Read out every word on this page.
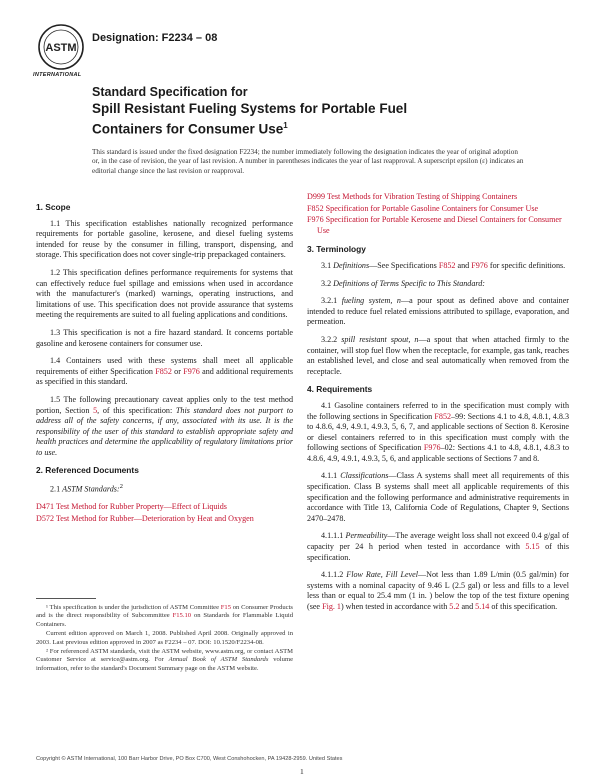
ASTM
INTERNATIONAL
Designation: F2234 – 08
Standard Specification for
Spill Resistant Fueling Systems for Portable Fuel
Containers for Consumer Use$^1$
This standard is issued under the fixed designation F2234; the number immediately following the designation indicates the year of original adoption or, in the case of revision, the year of last revision. A number in parentheses indicates the year of last reapproval. A superscript epsilon (ε) indicates an editorial change since the last revision or reapproval.
1. Scope

1.1 This specification establishes nationally recognized performance requirements for portable gasoline, kerosene, and diesel fueling systems intended for reuse by the consumer in filling, transport, dispensing, and storage. This specification does not cover single-trip prepackaged containers.

1.2 This specification defines performance requirements for systems that can effectively reduce fuel spillage and emissions when used in accordance with the manufacturer's (marked) warnings, operating instructions, and limitations of use. This specification does not provide assurance that systems meeting the requirements are suited to all fueling applications and conditions.

1.3 This specification is not a fire hazard standard. It concerns portable gasoline and kerosene containers for consumer use.

1.4 Containers used with these systems shall meet all applicable requirements of either Specification F852 or F976 and additional requirements as specified in this standard.

1.5 The following precautionary caveat applies only to the test method portion, Section 5, of this specification: This standard does not purport to address all of the safety concerns, if any, associated with its use. It is the responsibility of the user of this standard to establish appropriate safety and health practices and determine the applicability of regulatory limitations prior to use.

2. Referenced Documents

2.1 ASTM Standards:$^2$

D471 Test Method for Rubber Property—Effect of Liquids
D572 Test Method for Rubber—Deterioration by Heat and Oxygen

¹ This specification is under the jurisdiction of ASTM Committee F15 on Consumer Products and is the direct responsibility of Subcommittee F15.10 on Standards for Flammable Liquid Containers.

Current edition approved on March 1, 2008. Published April 2008. Originally approved in 2003. Last previous edition approved in 2007 as F2234 – 07. DOI: 10.1520/F2234-08.

² For referenced ASTM standards, visit the ASTM website, www.astm.org, or contact ASTM Customer Service at service@astm.org. For Annual Book of ASTM Standards volume information, refer to the standard's Document Summary page on the ASTM website.

D999 Test Methods for Vibration Testing of Shipping Containers
F852 Specification for Portable Gasoline Containers for Consumer Use
F976 Specification for Portable Kerosene and Diesel Containers for Consumer Use
3. Terminology

3.1 Definitions—See Specifications F852 and F976 for specific definitions.

3.2 Definitions of Terms Specific to This Standard:

3.2.1 fueling system, n—a pour spout as defined above and container intended to reduce fuel related emissions attributed to spillage, evaporation, and permeation.

3.2.2 spill resistant spout, n—a spout that when attached firmly to the container, will stop fuel flow when the receptacle, for example, gas tank, reaches an established level, and close and seal automatically when removed from the receptacle.

4. Requirements

4.1 Gasoline containers referred to in the specification must comply with the following sections in Specification F852–99: Sections 4.1 to 4.8, 4.8.1, 4.8.3 to 4.8.6, 4.9, 4.9.1, 4.9.3, 5, 6, 7, and applicable sections of Section 8. Kerosine or diesel containers referred to in this specification must comply with the following sections of Specification F976–02: Sections 4.1 to 4.8, 4.8.1, 4.8.3 to 4.8.6, 4.9, 4.9.1, 4.9.3, 5, 6, and applicable sections of Sections 7 and 8.

4.1.1 Classifications—Class A systems shall meet all requirements of this specification. Class B systems shall meet all applicable requirements of this specification and the following performance and administrative requirements in accordance with Title 13, California Code of Regulations, Chapter 9, Sections 2470–2478.

4.1.1.1 Permeability—The average weight loss shall not exceed 0.4 g/gal of capacity per 24 h period when tested in accordance with 5.15 of this specification.

4.1.1.2 Flow Rate, Fill Level—Not less than 1.89 L/min (0.5 gal/min) for systems with a nominal capacity of 9.46 L (2.5 gal) or less and fills to a level less than or equal to 25.4 mm (1 in. ) below the top of the test fixture opening (see Fig. 1) when tested in accordance with 5.2 and 5.14 of this specification.

Copyright © ASTM International, 100 Barr Harbor Drive, PO Box C700, West Conshohocken, PA 19428-2959. United States
1
